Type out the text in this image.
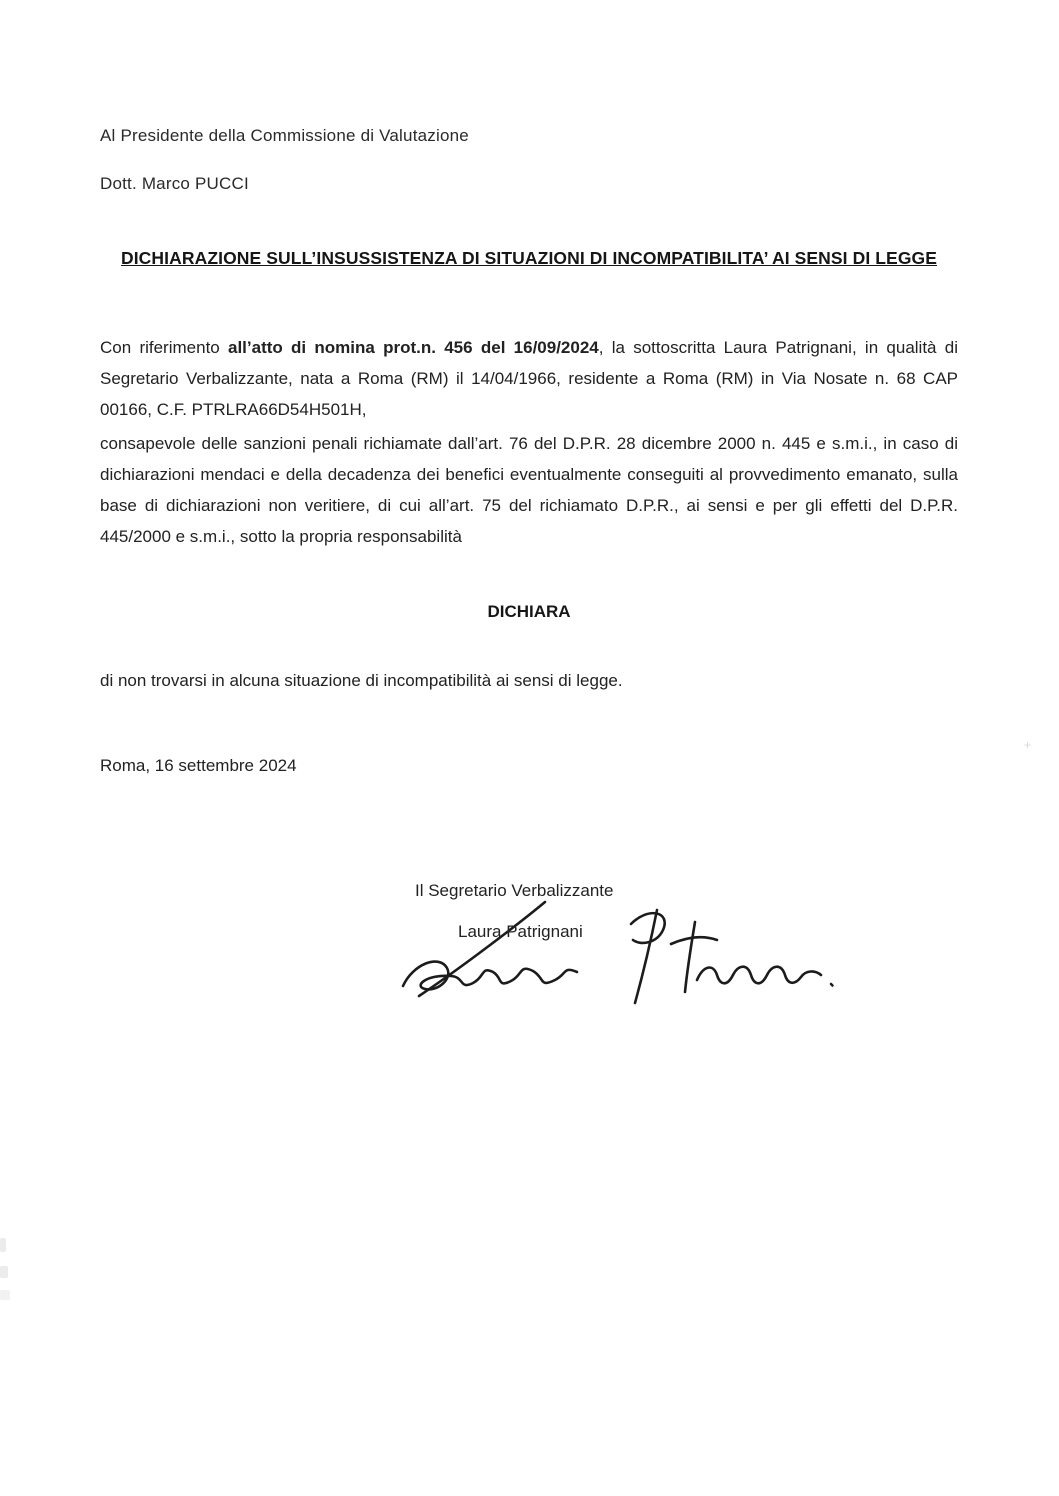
Al Presidente della Commissione di Valutazione
Dott. Marco PUCCI
DICHIARAZIONE SULL’INSUSSISTENZA DI SITUAZIONI DI INCOMPATIBILITA’ AI SENSI DI LEGGE
Con riferimento all’atto di nomina prot.n. 456 del 16/09/2024, la sottoscritta Laura Patrignani, in qualità di Segretario Verbalizzante, nata a Roma (RM) il 14/04/1966, residente a Roma (RM) in Via Nosate n. 68 CAP 00166, C.F. PTRLRA66D54H501H,
consapevole delle sanzioni penali richiamate dall’art. 76 del D.P.R. 28 dicembre 2000 n. 445 e s.m.i., in caso di dichiarazioni mendaci e della decadenza dei benefici eventualmente conseguiti al provvedimento emanato, sulla base di dichiarazioni non veritiere, di cui all’art. 75 del richiamato D.P.R., ai sensi e per gli effetti del D.P.R. 445/2000 e s.m.i., sotto la propria responsabilità
DICHIARA
di non trovarsi in alcuna situazione di incompatibilità ai sensi di legge.
Roma, 16 settembre 2024
Il Segretario Verbalizzante
Laura Patrignani
+
